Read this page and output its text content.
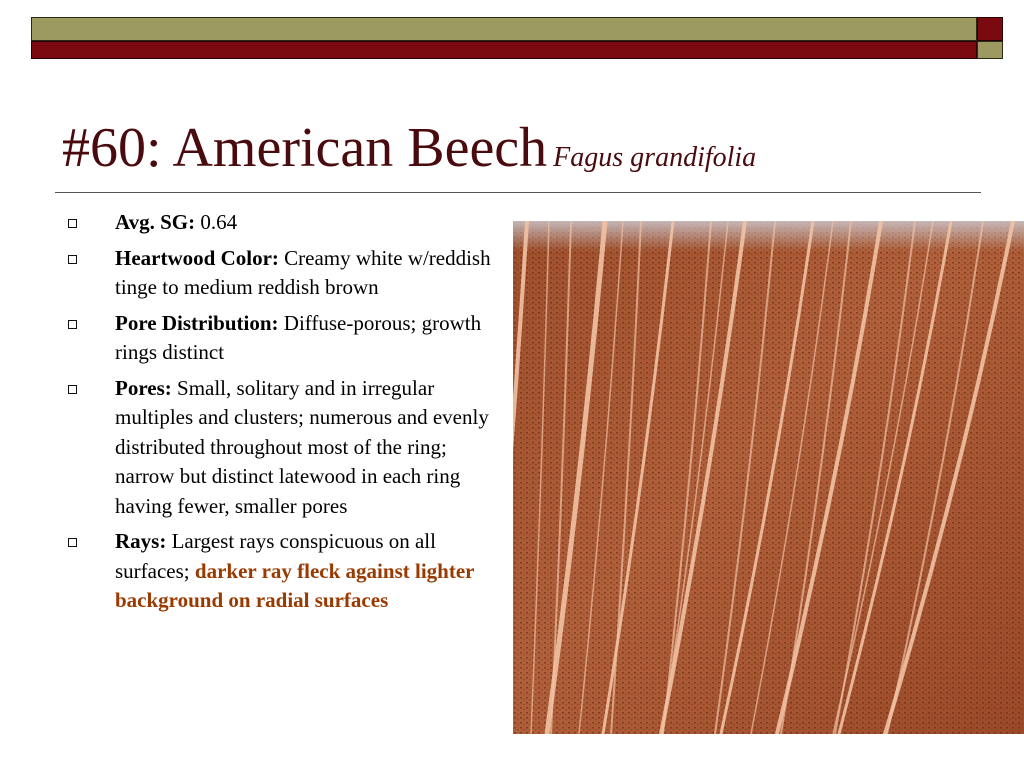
#60: American Beech Fagus grandifolia
Avg. SG: 0.64
Heartwood Color: Creamy white w/reddish tinge to medium reddish brown
Pore Distribution: Diffuse-porous; growth rings distinct
Pores: Small, solitary and in irregular multiples and clusters; numerous and evenly distributed throughout most of the ring; narrow but distinct latewood in each ring having fewer, smaller pores
Rays: Largest rays conspicuous on all surfaces; darker ray fleck against lighter background on radial surfaces
